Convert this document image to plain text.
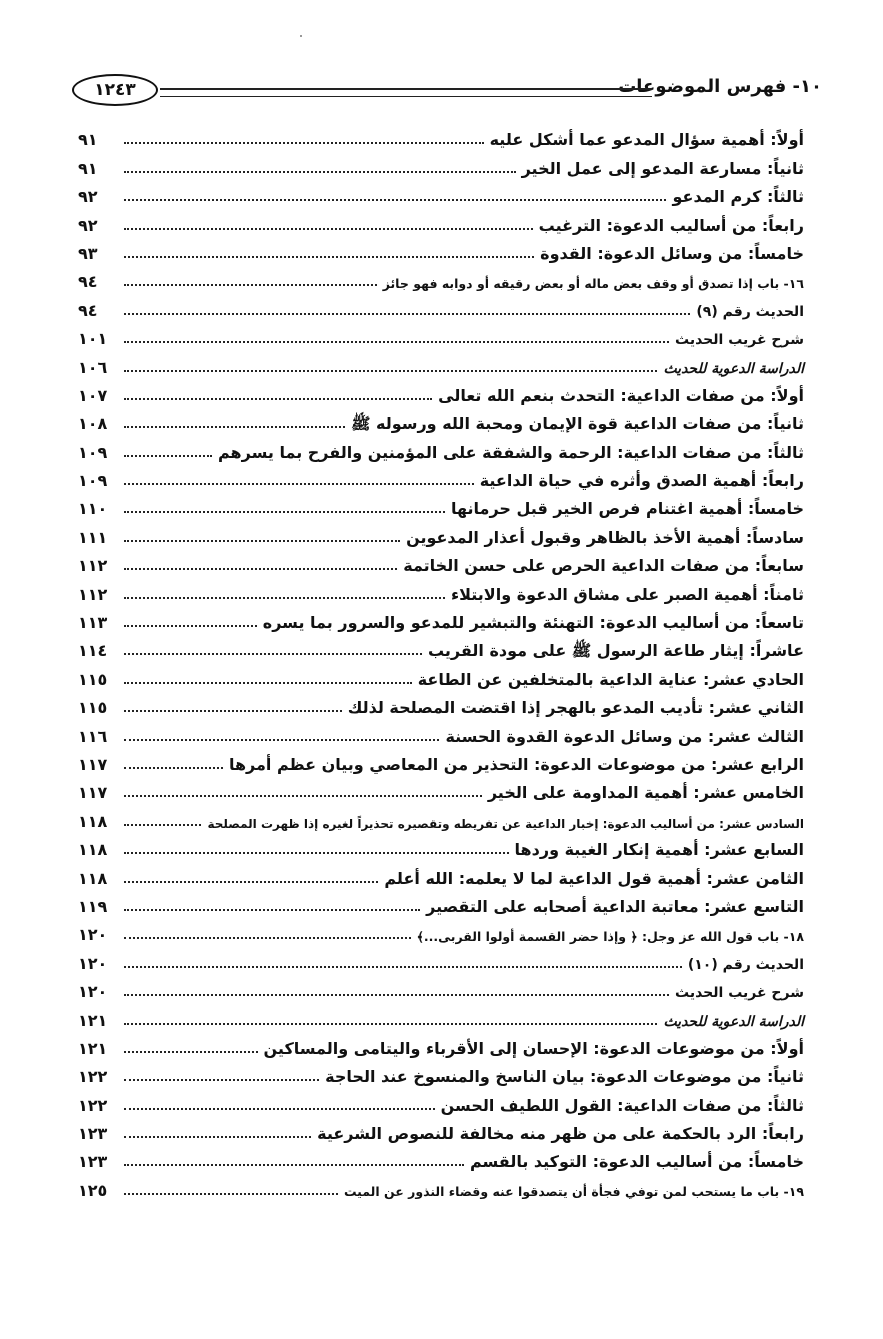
١٠- فهرس الموضوعات
١٢٤٣
أولاً: أهمية سؤال المدعو عما أشكل عليه
٩١
ثانياً: مسارعة المدعو إلى عمل الخير
٩١
ثالثاً: كرم المدعو
٩٢
رابعاً: من أساليب الدعوة: الترغيب
٩٢
خامساً: من وسائل الدعوة: القدوة
٩٣
١٦- باب إذا تصدق أو وقف بعض ماله أو بعض رقيقه أو دوابه فهو جائز
٩٤
الحديث رقم (٩)
٩٤
شرح غريب الحديث
١٠١
الدراسة الدعوية للحديث
١٠٦
أولاً: من صفات الداعية: التحدث بنعم الله تعالى
١٠٧
ثانياً: من صفات الداعية قوة الإيمان ومحبة الله ورسوله ﷺ
١٠٨
ثالثاً: من صفات الداعية: الرحمة والشفقة على المؤمنين والفرح بما يسرهم
١٠٩
رابعاً: أهمية الصدق وأثره في حياة الداعية
١٠٩
خامساً: أهمية اغتنام فرص الخير قبل حرمانها
١١٠
سادساً: أهمية الأخذ بالظاهر وقبول أعذار المدعوين
١١١
سابعاً: من صفات الداعية الحرص على حسن الخاتمة
١١٢
ثامناً: أهمية الصبر على مشاق الدعوة والابتلاء
١١٢
تاسعاً: من أساليب الدعوة: التهنئة والتبشير للمدعو والسرور بما يسره
١١٣
عاشراً: إيثار طاعة الرسول ﷺ على مودة القريب
١١٤
الحادي عشر: عناية الداعية بالمتخلفين عن الطاعة
١١٥
الثاني عشر: تأديب المدعو بالهجر إذا اقتضت المصلحة لذلك
١١٥
الثالث عشر: من وسائل الدعوة القدوة الحسنة
١١٦
الرابع عشر: من موضوعات الدعوة: التحذير من المعاصي وبيان عظم أمرها
١١٧
الخامس عشر: أهمية المداومة على الخير
١١٧
السادس عشر: من أساليب الدعوة: إخبار الداعية عن تفريطه وتقصيره تحذيراً لغيره إذا ظهرت المصلحة
١١٨
السابع عشر: أهمية إنكار الغيبة وردها
١١٨
الثامن عشر: أهمية قول الداعية لما لا يعلمه: الله أعلم
١١٨
التاسع عشر: معاتبة الداعية أصحابه على التقصير
١١٩
١٨- باب قول الله عز وجل: ﴿ وإذا حضر القسمة أولوا القربى...﴾
١٢٠
الحديث رقم (١٠)
١٢٠
شرح غريب الحديث
١٢٠
الدراسة الدعوية للحديث
١٢١
أولاً: من موضوعات الدعوة: الإحسان إلى الأقرباء واليتامى والمساكين
١٢١
ثانياً: من موضوعات الدعوة: بيان الناسخ والمنسوخ عند الحاجة
١٢٢
ثالثاً: من صفات الداعية: القول اللطيف الحسن
١٢٢
رابعاً: الرد بالحكمة على من ظهر منه مخالفة للنصوص الشرعية
١٢٣
خامساً: من أساليب الدعوة: التوكيد بالقسم
١٢٣
١٩- باب ما يستحب لمن توفي فجأة أن يتصدقوا عنه وقضاء النذور عن الميت
١٢٥
